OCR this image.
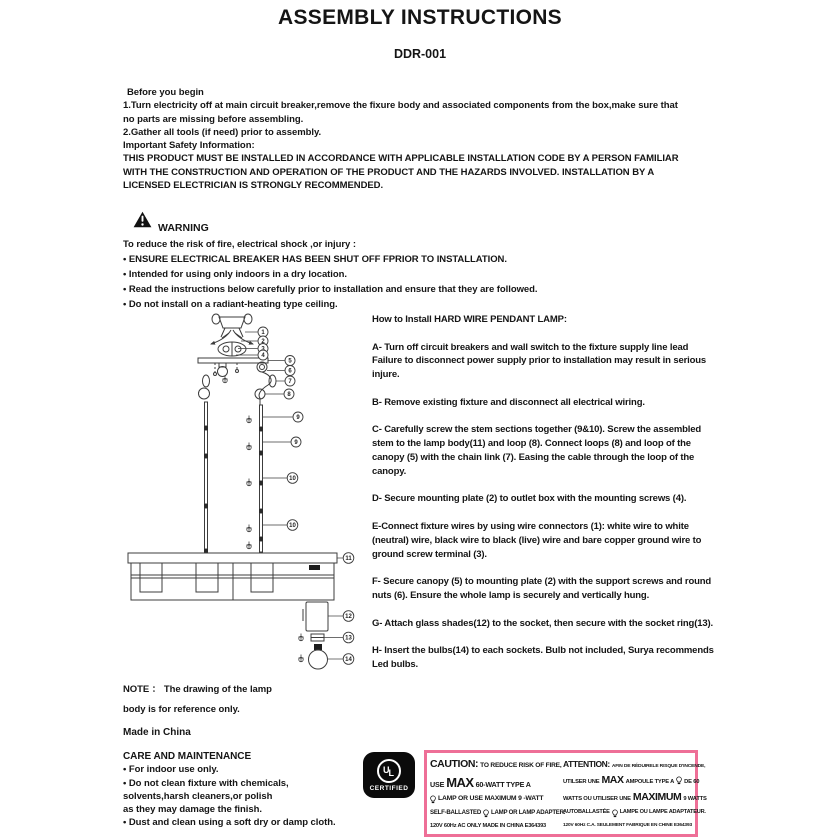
ASSEMBLY INSTRUCTIONS
DDR-001

Before you begin

1.Turn electricity off at main circuit breaker,remove the fixure body and associated components from the box,make sure that no parts are missing before assembling.

2.Gather all tools (if need) prior to assembly.

Important Safety Information:

THIS PRODUCT MUST BE INSTALLED IN ACCORDANCE WITH APPLICABLE INSTALLATION CODE BY A PERSON FAMILIAR WITH THE CONSTRUCTION AND OPERATION OF THE PRODUCT AND THE HAZARDS INVOLVED. INSTALLATION BY A LICENSED ELECTRICIAN IS STRONGLY RECOMMENDED.

WARNING

To reduce the risk of fire, electrical shock ,or injury :

• ENSURE ELECTRICAL BREAKER HAS BEEN SHUT OFF FPRIOR TO INSTALLATION.

• Intended for using only indoors in a dry location.

• Read the instructions below carefully prior to installation and ensure that they are followed.

• Do not install on a radiant-heating type ceiling.

1
2
3
4
5
6
7
8
9
9
10
10
11
12
13
14

How to Install HARD WIRE PENDANT LAMP:

A- Turn off circuit breakers and wall switch to the fixture supply line lead Failure to disconnect power supply prior to installation may result in serious injure.

B- Remove existing fixture and disconnect all electrical wiring.

C- Carefully screw the stem sections together (9&10). Screw the assembled stem to the lamp body(11) and loop (8). Connect loops (8) and loop of the canopy (5) with the chain link (7). Easing the cable through the loop of the canopy.

D- Secure mounting plate (2) to outlet box with the mounting screws (4).

E-Connect fixture wires by using wire connectors (1): white wire to white (neutral) wire, black wire to black (live) wire and bare copper ground wire to ground screw terminal (3).

F- Secure canopy (5) to mounting plate (2) with the support screws and round nuts (6). Ensure the whole lamp is securely and vertically hung.

G- Attach glass shades(12) to the socket, then secure with the socket ring(13).

H- Insert the bulbs(14) to each sockets. Bulb not included, Surya recommends Led bulbs.

NOTE ： The drawing of the lamp

body is for reference only.

Made in China

CARE AND MAINTENANCE

• For indoor use only.

• Do not clean fixture with chemicals,

solvents,harsh cleaners,or polish

as they may damage the finish.

• Dust and clean using a soft dry or damp cloth.

U L
CERTIFIED
CAUTION: TO REDUCE RISK OF FIRE,
USE MAX 60-WATT TYPE A
LAMP OR USE MAXIMUM 9 -WATT
SELF-BALLASTED LAMP OR LAMP ADAPTER.
120V 60Hz AC ONLY MADE IN CHINA E364393
ATTENTION: AFIN DE RÉDUIRELE RISQUE D'INCENDE,
UTILSER UNE MAX AMPOULE TYPE A DE 60
WATTS OU UTILISER UNE MAXIMUM 9 WATTS
AUTOBALLASTÉE LAMPE OU LAMPE ADAPTATEUR.
120V 60Hz C.A. SEULEMENT FABRIQUE EN CHINE E364393
